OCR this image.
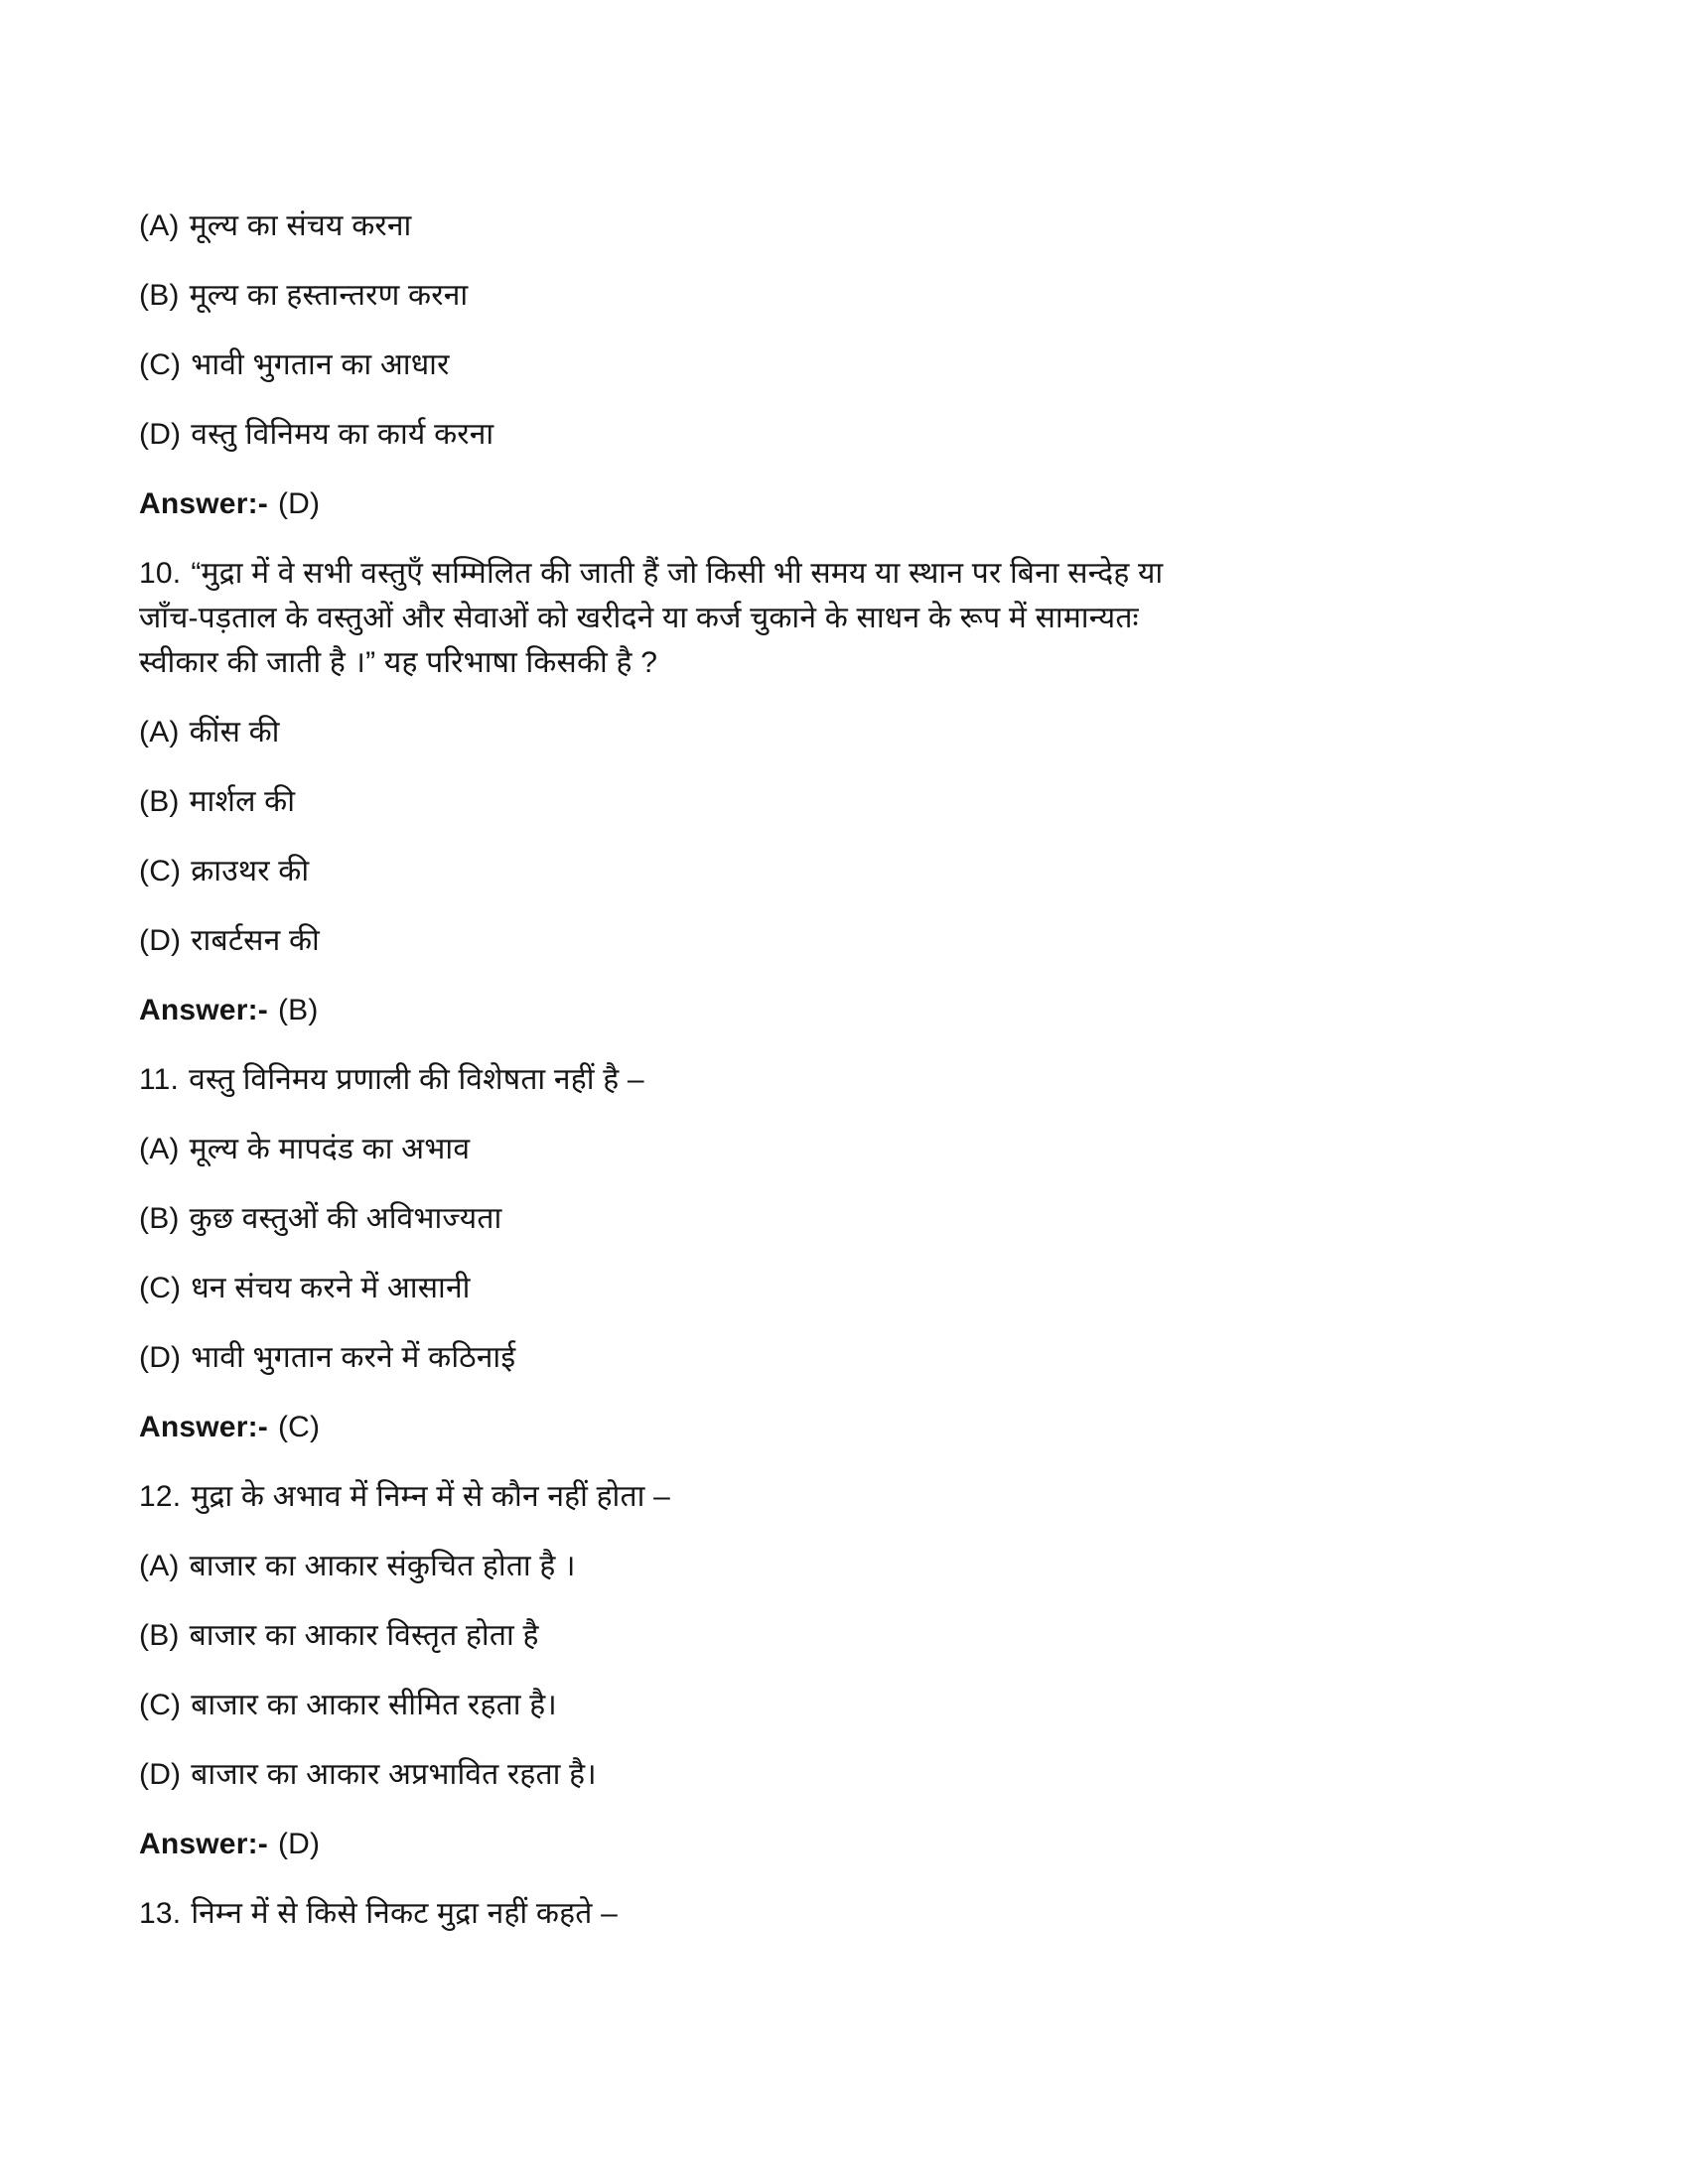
(A) मूल्य का संचय करना

(B) मूल्य का हस्तान्तरण करना

(C) भावी भुगतान का आधार

(D) वस्तु विनिमय का कार्य करना

Answer:- (D)

10. “मुद्रा में वे सभी वस्तुएँ सम्मिलित की जाती हैं जो किसी भी समय या स्थान पर बिना सन्देह या जाँच-पड़ताल के वस्तुओं और सेवाओं को खरीदने या कर्ज चुकाने के साधन के रूप में सामान्यतः स्वीकार की जाती है ।” यह परिभाषा किसकी है ?

(A) कींस की

(B) मार्शल की

(C) क्राउथर की

(D) राबर्टसन की

Answer:- (B)

11. वस्तु विनिमय प्रणाली की विशेषता नहीं है –

(A) मूल्य के मापदंड का अभाव

(B) कुछ वस्तुओं की अविभाज्यता

(C) धन संचय करने में आसानी

(D) भावी भुगतान करने में कठिनाई

Answer:- (C)

12. मुद्रा के अभाव में निम्न में से कौन नहीं होता –

(A) बाजार का आकार संकुचित होता है ।

(B) बाजार का आकार विस्तृत होता है

(C) बाजार का आकार सीमित रहता है।

(D) बाजार का आकार अप्रभावित रहता है।

Answer:- (D)

13. निम्न में से किसे निकट मुद्रा नहीं कहते –
